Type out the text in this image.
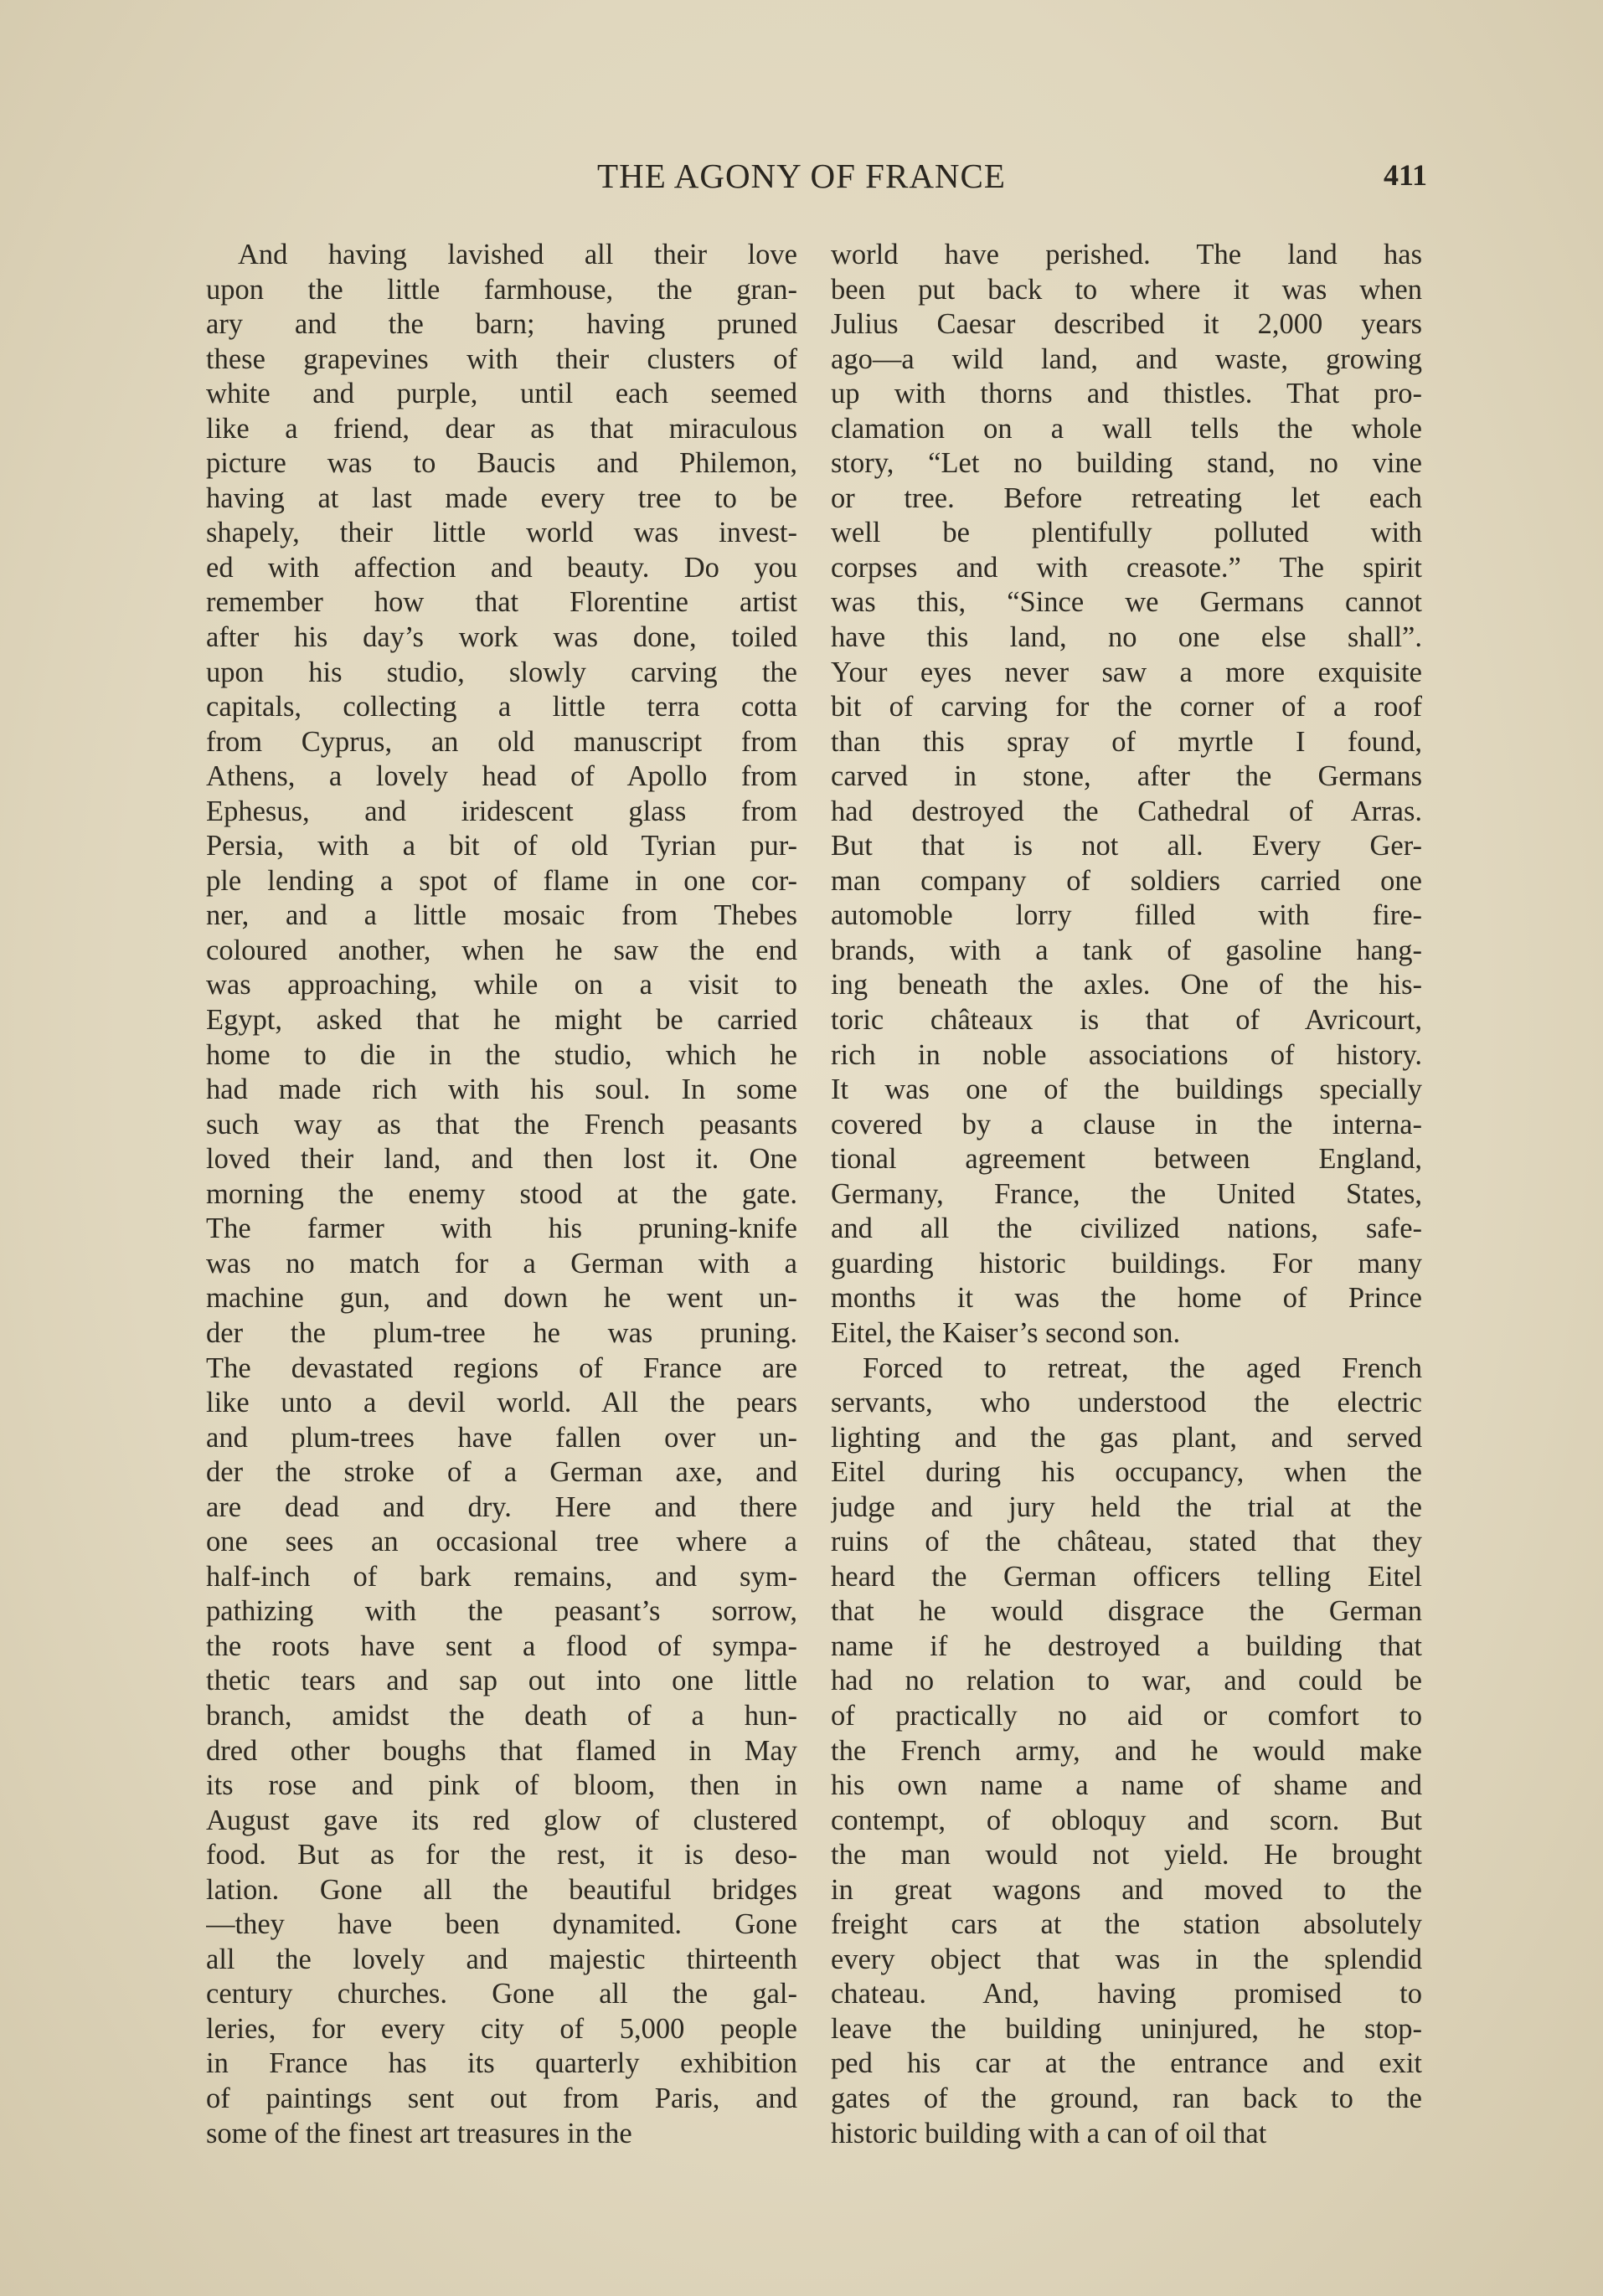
THE AGONY OF FRANCE	411
And having lavished all their love
upon the little farmhouse, the gran-
ary and the barn; having pruned
these grapevines with their clusters of
white and purple, until each seemed
like a friend, dear as that miraculous
picture was to Baucis and Philemon,
having at last made every tree to be
shapely, their little world was invest-
ed with affection and beauty. Do you
remember how that Florentine artist
after his day’s work was done, toiled
upon his studio, slowly carving the
capitals, collecting a little terra cotta
from Cyprus, an old manuscript from
Athens, a lovely head of Apollo from
Ephesus, and iridescent glass from
Persia, with a bit of old Tyrian pur-
ple lending a spot of flame in one cor-
ner, and a little mosaic from Thebes
coloured another, when he saw the end
was approaching, while on a visit to
Egypt, asked that he might be carried
home to die in the studio, which he
had made rich with his soul. In some
such way as that the French peasants
loved their land, and then lost it. One
morning the enemy stood at the gate.
The farmer with his pruning-knife
was no match for a German with a
machine gun, and down he went un-
der the plum-tree he was pruning.
The devastated regions of France are
like unto a devil world. All the pears
and plum-trees have fallen over un-
der the stroke of a German axe, and
are dead and dry. Here and there
one sees an occasional tree where a
half-inch of bark remains, and sym-
pathizing with the peasant’s sorrow,
the roots have sent a flood of sympa-
thetic tears and sap out into one little
branch, amidst the death of a hun-
dred other boughs that flamed in May
its rose and pink of bloom, then in
August gave its red glow of clustered
food. But as for the rest, it is deso-
lation. Gone all the beautiful bridges
—they have been dynamited. Gone
all the lovely and majestic thirteenth
century churches. Gone all the gal-
leries, for every city of 5,000 people
in France has its quarterly exhibition
of paintings sent out from Paris, and
some of the finest art treasures in the
world have perished. The land has
been put back to where it was when
Julius Caesar described it 2,000 years
ago—a wild land, and waste, growing
up with thorns and thistles. That pro-
clamation on a wall tells the whole
story, “Let no building stand, no vine
or tree. Before retreating let each
well be plentifully polluted with
corpses and with creasote.” The spirit
was this, “Since we Germans cannot
have this land, no one else shall”.
Your eyes never saw a more exquisite
bit of carving for the corner of a roof
than this spray of myrtle I found,
carved in stone, after the Germans
had destroyed the Cathedral of Arras.
But that is not all. Every Ger-
man company of soldiers carried one
automoble lorry filled with fire-
brands, with a tank of gasoline hang-
ing beneath the axles. One of the his-
toric châteaux is that of Avricourt,
rich in noble associations of history.
It was one of the buildings specially
covered by a clause in the interna-
tional agreement between England,
Germany, France, the United States,
and all the civilized nations, safe-
guarding historic buildings. For many
months it was the home of Prince
Eitel, the Kaiser’s second son.
Forced to retreat, the aged French
servants, who understood the electric
lighting and the gas plant, and served
Eitel during his occupancy, when the
judge and jury held the trial at the
ruins of the château, stated that they
heard the German officers telling Eitel
that he would disgrace the German
name if he destroyed a building that
had no relation to war, and could be
of practically no aid or comfort to
the French army, and he would make
his own name a name of shame and
contempt, of obloquy and scorn. But
the man would not yield. He brought
in great wagons and moved to the
freight cars at the station absolutely
every object that was in the splendid
chateau. And, having promised to
leave the building uninjured, he stop-
ped his car at the entrance and exit
gates of the ground, ran back to the
historic building with a can of oil that
